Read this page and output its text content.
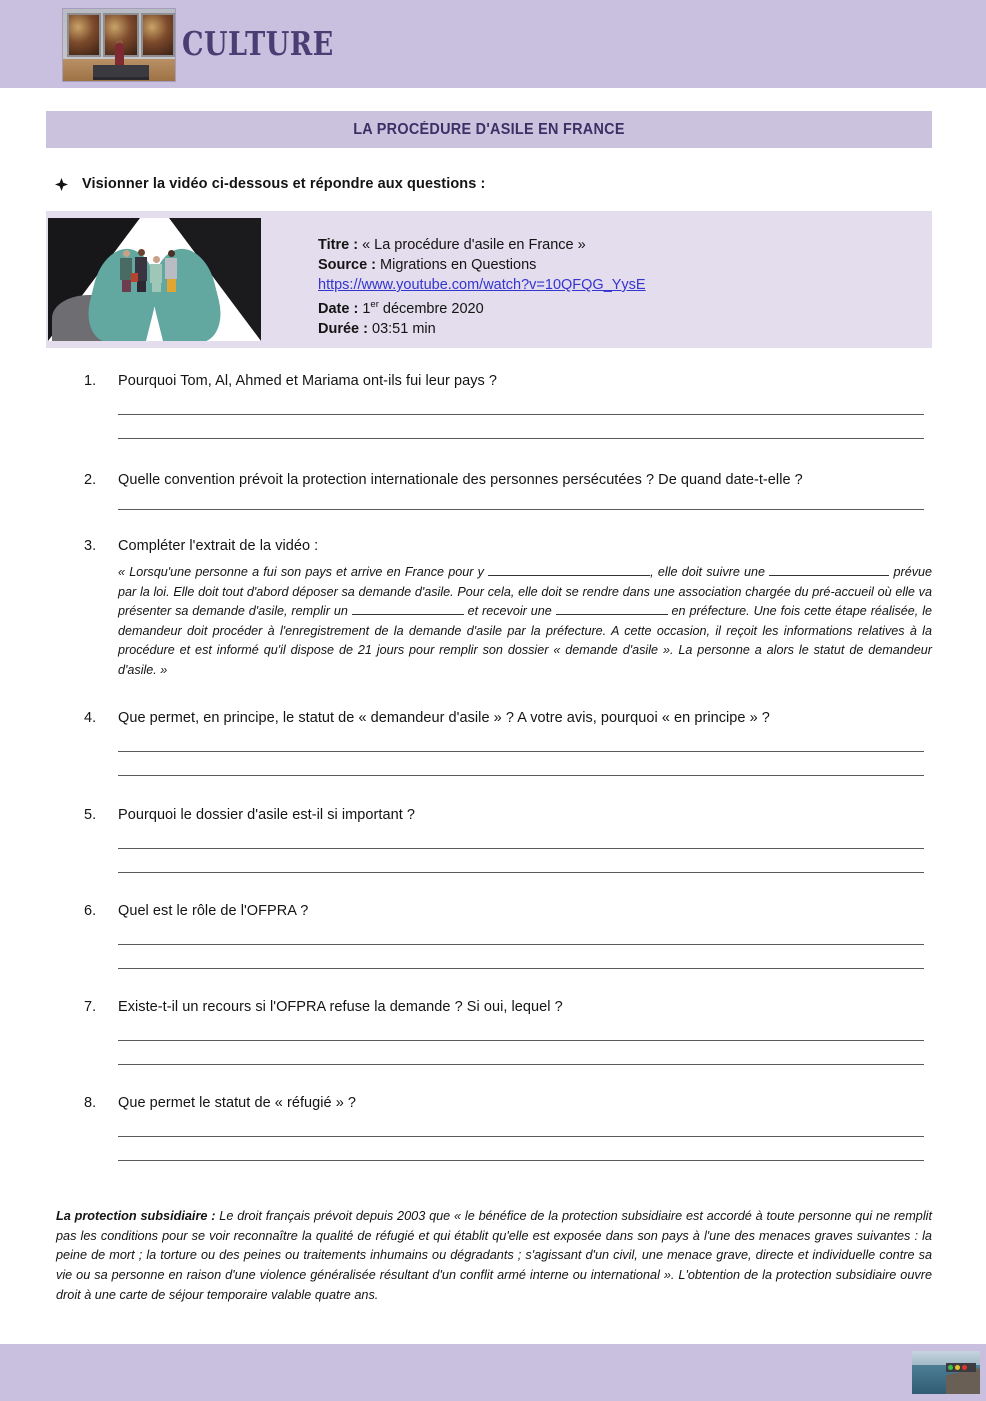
CULTURE
LA PROCÉDURE D'ASILE EN FRANCE
Visionner la vidéo ci-dessous et répondre aux questions :
Titre : « La procédure d'asile en France »
Source : Migrations en Questions
https://www.youtube.com/watch?v=10QFQG_YysE
Date : 1er décembre 2020
Durée : 03:51 min
1.	Pourquoi Tom, Al, Ahmed et Mariama ont-ils fui leur pays ?
2.	Quelle convention prévoit la protection internationale des personnes persécutées ? De quand date-t-elle ?
3.	Compléter l'extrait de la vidéo :
« Lorsqu'une personne a fui son pays et arrive en France pour y	, elle doit suivre une	prévue par la loi. Elle doit tout d'abord déposer sa demande d'asile. Pour cela, elle doit se rendre dans une association chargée du pré-accueil où elle va présenter sa demande d'asile, remplir un	et recevoir une	en préfecture. Une fois cette étape réalisée, le demandeur doit procéder à l'enregistrement de la demande d'asile par la préfecture. A cette occasion, il reçoit les informations relatives à la procédure et est informé qu'il dispose de 21 jours pour remplir son dossier « demande d'asile ». La personne a alors le statut de demandeur d'asile. »
4.	Que permet, en principe, le statut de « demandeur d'asile » ? A votre avis, pourquoi « en principe » ?
5.	Pourquoi le dossier d'asile est-il si important ?
6.	Quel est le rôle de l'OFPRA ?
7.	Existe-t-il un recours si l'OFPRA refuse la demande ? Si oui, lequel ?
8.	Que permet le statut de « réfugié » ?
La protection subsidiaire : Le droit français prévoit depuis 2003 que « le bénéfice de la protection subsidiaire est accordé à toute personne qui ne remplit pas les conditions pour se voir reconnaître la qualité de réfugié et qui établit qu'elle est exposée dans son pays à l'une des menaces graves suivantes : la peine de mort ; la torture ou des peines ou traitements inhumains ou dégradants ; s'agissant d'un civil, une menace grave, directe et individuelle contre sa vie ou sa personne en raison d'une violence généralisée résultant d'un conflit armé interne ou international ». L'obtention de la protection subsidiaire ouvre droit à une carte de séjour temporaire valable quatre ans.
